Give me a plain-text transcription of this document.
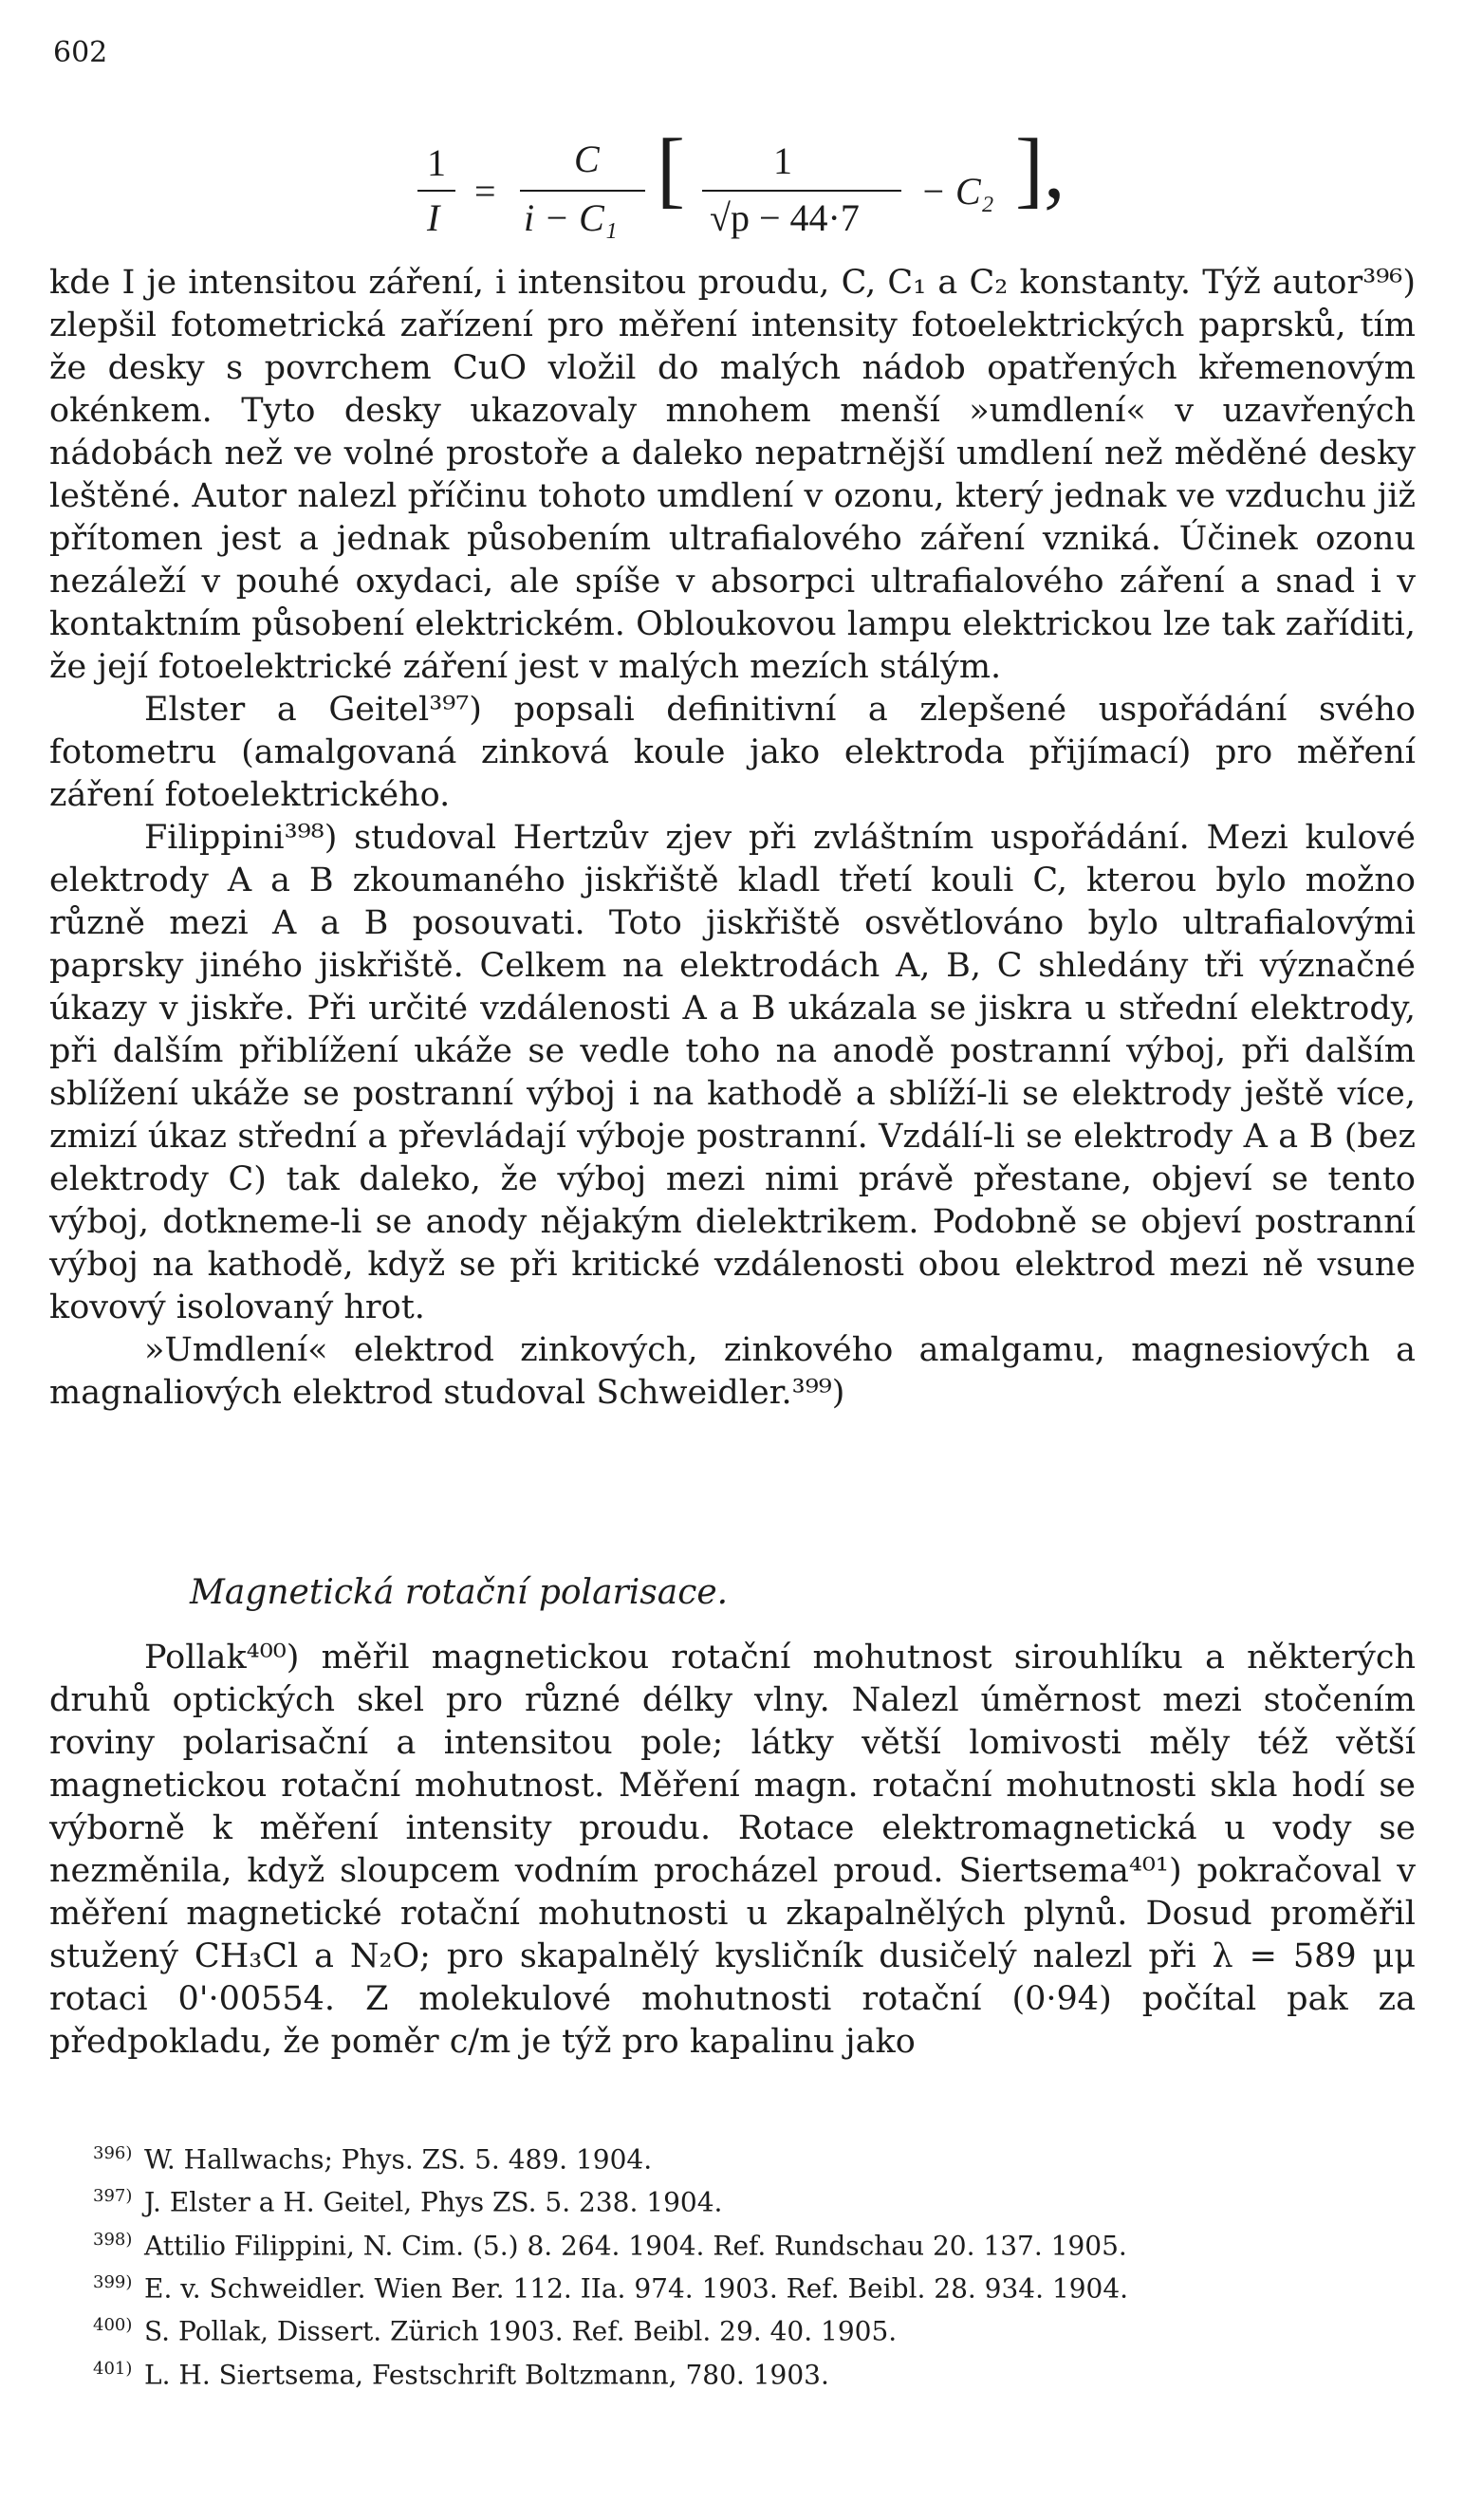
602
1
I
=
C
i − C₁
[ 1
√p − 44·7
− C₂ ],

kde I je intensitou záření, i intensitou proudu, C, C₁ a C₂ konstanty. Týž autor³⁹⁶) zlepšil fotometrická zařízení pro měření intensity fotoelektrických paprsků, tím že desky s povrchem CuO vložil do malých nádob opatřených křemenovým okénkem. Tyto desky ukazovaly mnohem menší »umdlení« v uzavřených nádobách než ve volné prostoře a daleko nepatrnější umdlení než měděné desky leštěné. Autor nalezl příčinu tohoto umdlení v ozonu, který jednak ve vzduchu již přítomen jest a jednak působením ultrafialového záření vzniká. Účinek ozonu nezáleží v pouhé oxydaci, ale spíše v absorpci ultrafialového záření a snad i v kontaktním působení elektrickém. Obloukovou lampu elektrickou lze tak zaříditi, že její fotoelektrické záření jest v malých mezích stálým.

Elster a Geitel³⁹⁷) popsali definitivní a zlepšené uspořádání svého fotometru (amalgovaná zinková koule jako elektroda přijímací) pro měření záření fotoelektrického.

Filippini³⁹⁸) studoval Hertzův zjev při zvláštním uspořádání. Mezi kulové elektrody A a B zkoumaného jiskřiště kladl třetí kouli C, kterou bylo možno různě mezi A a B posouvati. Toto jiskřiště osvětlováno bylo ultrafialovými paprsky jiného jiskřiště. Celkem na elektrodách A, B, C shledány tři význačné úkazy v jiskře. Při určité vzdálenosti A a B ukázala se jiskra u střední elektrody, při dalším přiblížení ukáže se vedle toho na anodě postranní výboj, při dalším sblížení ukáže se postranní výboj i na kathodě a sblíží-li se elektrody ještě více, zmizí úkaz střední a převládají výboje postranní. Vzdálí-li se elektrody A a B (bez elektrody C) tak daleko, že výboj mezi nimi právě přestane, objeví se tento výboj, dotkneme-li se anody nějakým dielektrikem. Podobně se objeví postranní výboj na kathodě, když se při kritické vzdálenosti obou elektrod mezi ně vsune kovový isolovaný hrot.

»Umdlení« elektrod zinkových, zinkového amalgamu, magnesiových a magnaliových elektrod studoval Schweidler.³⁹⁹)

Magnetická rotační polarisace.

Pollak⁴⁰⁰) měřil magnetickou rotační mohutnost sirouhlíku a některých druhů optických skel pro různé délky vlny. Nalezl úměrnost mezi stočením roviny polarisační a intensitou pole; látky větší lomivosti měly též větší magnetickou rotační mohutnost. Měření magn. rotační mohutnosti skla hodí se výborně k měření intensity proudu. Rotace elektromagnetická u vody se nezměnila, když sloupcem vodním procházel proud. Siertsema⁴⁰¹) pokračoval v měření magnetické rotační mohutnosti u zkapalnělých plynů. Dosud proměřil stužený CH₃Cl a N₂O; pro skapalnělý kysličník dusičelý nalezl při λ = 589 μμ rotaci 0'·00554. Z molekulové mohutnosti rotační (0·94) počítal pak za předpokladu, že poměr c/m je týž pro kapalinu jako

396) W. Hallwachs; Phys. ZS. 5. 489. 1904.
397) J. Elster a H. Geitel, Phys ZS. 5. 238. 1904.
398) Attilio Filippini, N. Cim. (5.) 8. 264. 1904. Ref. Rundschau 20. 137. 1905.
399) E. v. Schweidler. Wien Ber. 112. IIa. 974. 1903. Ref. Beibl. 28. 934. 1904.
400) S. Pollak, Dissert. Zürich 1903. Ref. Beibl. 29. 40. 1905.
401) L. H. Siertsema, Festschrift Boltzmann, 780. 1903.
